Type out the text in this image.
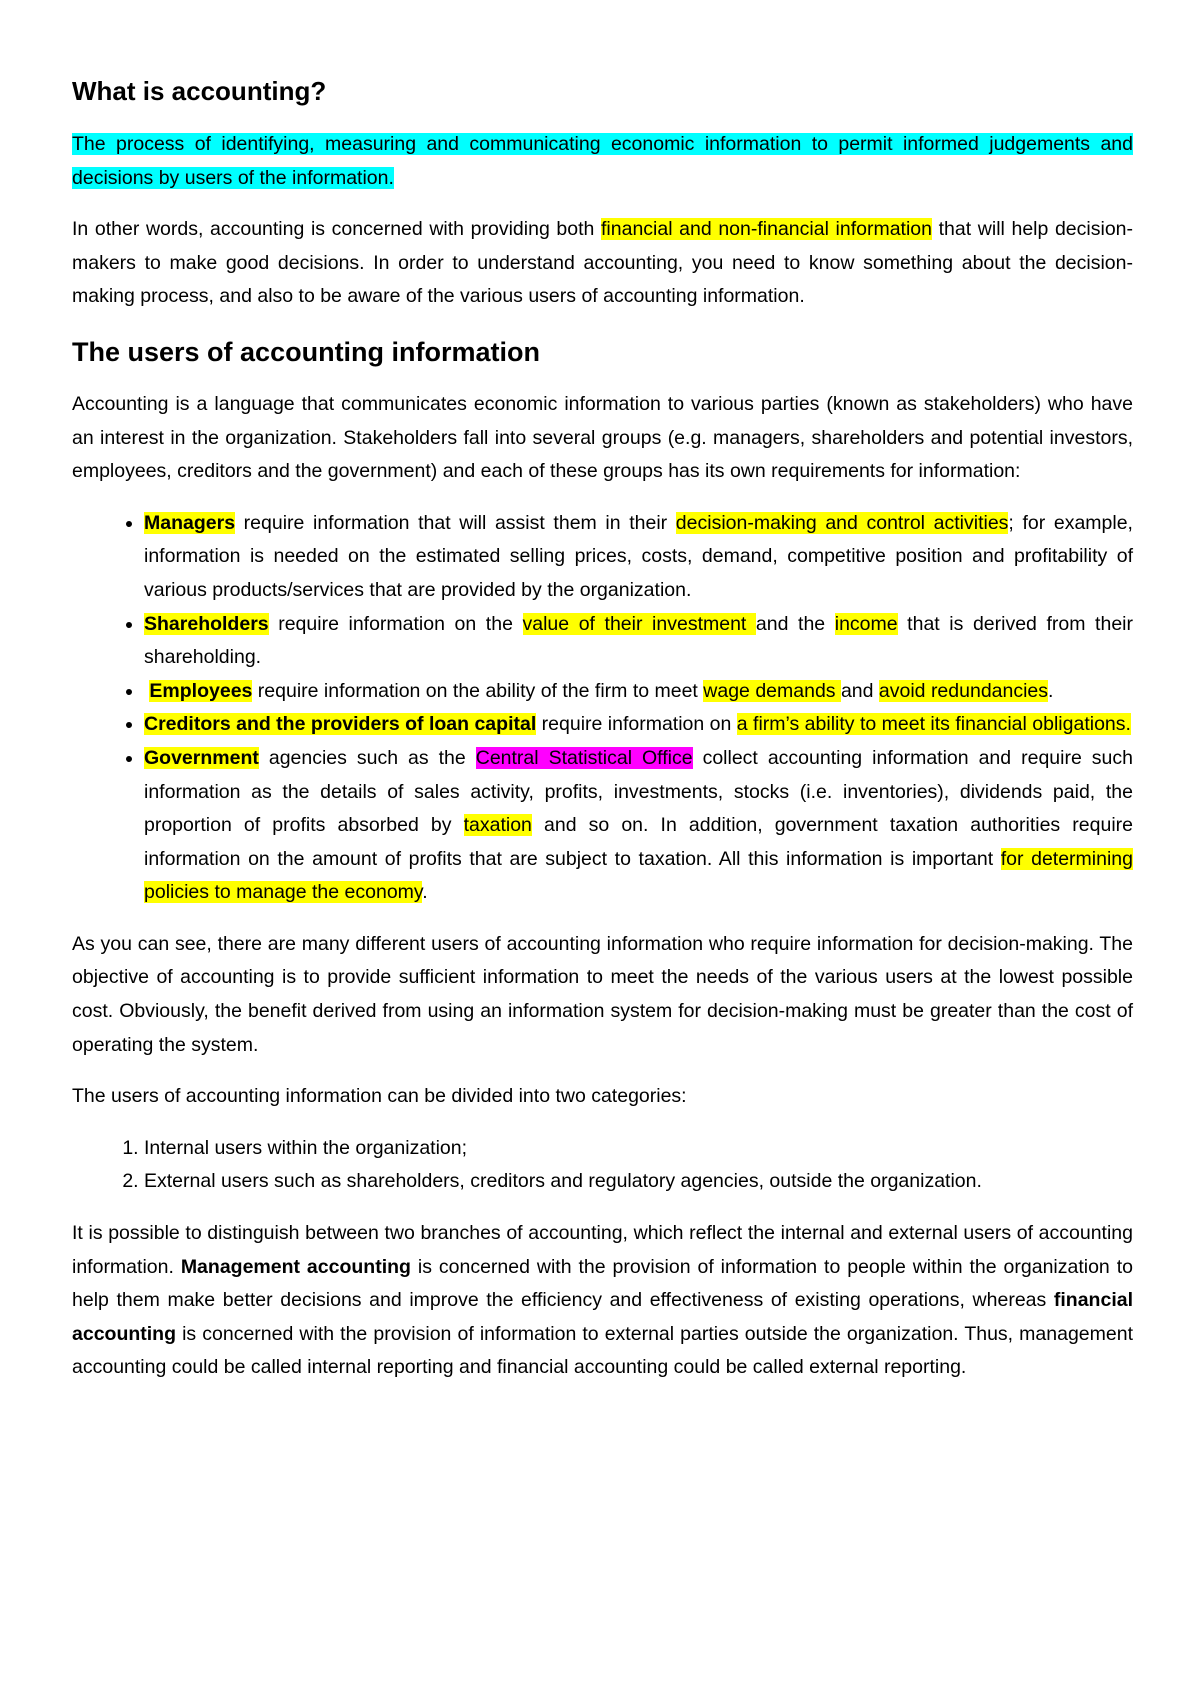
What is accounting?

The process of identifying, measuring and communicating economic information to permit informed judgements and decisions by users of the information.

In other words, accounting is concerned with providing both financial and non-financial information that will help decision-makers to make good decisions. In order to understand accounting, you need to know something about the decision-making process, and also to be aware of the various users of accounting information.

The users of accounting information

Accounting is a language that communicates economic information to various parties (known as stakeholders) who have an interest in the organization. Stakeholders fall into several groups (e.g. managers, shareholders and potential investors, employees, creditors and the government) and each of these groups has its own requirements for information:

• Managers require information that will assist them in their decision-making and control activities; for example, information is needed on the estimated selling prices, costs, demand, competitive position and profitability of various products/services that are provided by the organization.
• Shareholders require information on the value of their investment and the income that is derived from their shareholding.
• Employees require information on the ability of the firm to meet wage demands and avoid redundancies.
• Creditors and the providers of loan capital require information on a firm’s ability to meet its financial obligations.
• Government agencies such as the Central Statistical Office collect accounting information and require such information as the details of sales activity, profits, investments, stocks (i.e. inventories), dividends paid, the proportion of profits absorbed by taxation and so on. In addition, government taxation authorities require information on the amount of profits that are subject to taxation. All this information is important for determining policies to manage the economy.

As you can see, there are many different users of accounting information who require information for decision-making. The objective of accounting is to provide sufficient information to meet the needs of the various users at the lowest possible cost. Obviously, the benefit derived from using an information system for decision-making must be greater than the cost of operating the system.

The users of accounting information can be divided into two categories:

1. Internal users within the organization;
2. External users such as shareholders, creditors and regulatory agencies, outside the organization.

It is possible to distinguish between two branches of accounting, which reflect the internal and external users of accounting information. Management accounting is concerned with the provision of information to people within the organization to help them make better decisions and improve the efficiency and effectiveness of existing operations, whereas financial accounting is concerned with the provision of information to external parties outside the organization. Thus, management accounting could be called internal reporting and financial accounting could be called external reporting.
